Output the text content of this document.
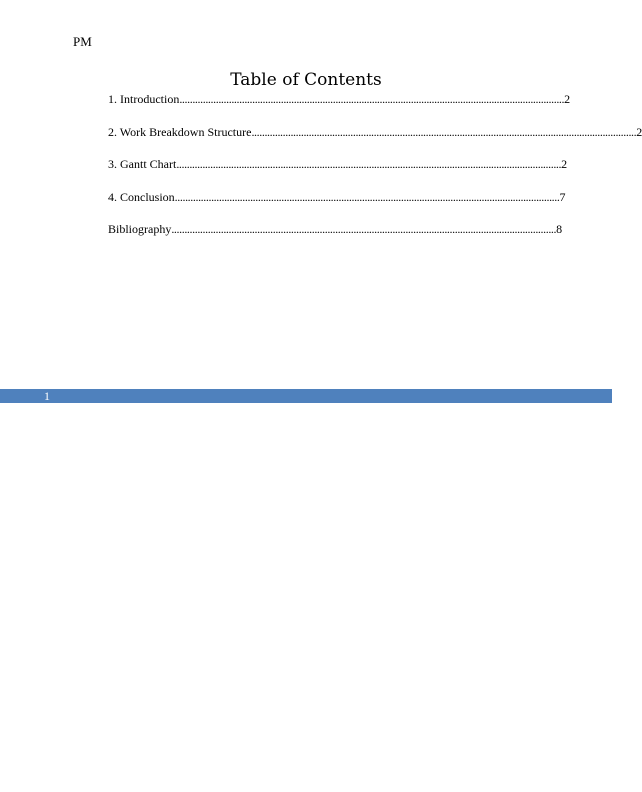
PM
Table of Contents
1. Introduction .................................................................................................................................................... 2
2. Work Breakdown Structure .................................................................................................................................................... 2
3. Gantt Chart .................................................................................................................................................... 2
4. Conclusion .................................................................................................................................................... 7
Bibliography .................................................................................................................................................... 8
1
